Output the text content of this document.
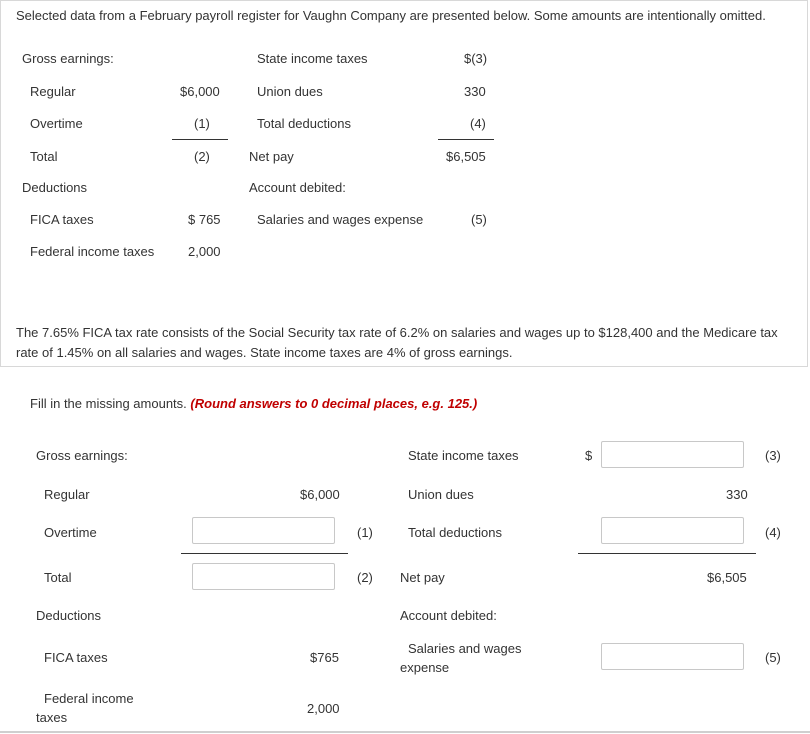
Selected data from a February payroll register for Vaughn Company are presented below. Some amounts are intentionally omitted.
Gross earnings:
Regular	$6,000
Overtime	(1)
Total	(2)
Deductions
FICA taxes	$ 765
Federal income taxes	2,000
State income taxes	$(3)
Union dues	330
Total deductions	(4)
Net pay	$6,505
Account debited:
Salaries and wages expense	(5)
The 7.65% FICA tax rate consists of the Social Security tax rate of 6.2% on salaries and wages up to $128,400 and the Medicare tax rate of 1.45% on all salaries and wages. State income taxes are 4% of gross earnings.
Fill in the missing amounts. (Round answers to 0 decimal places, e.g. 125.)
Gross earnings:
Regular	$6,000
Overtime	(1)
Total	(2)
Deductions
FICA taxes	$765
Federal income
taxes
2,000
State income taxes	$	(3)
Union dues	330
Total deductions	(4)
Net pay	$6,505
Account debited:
Salaries and wages
expense
(5)
